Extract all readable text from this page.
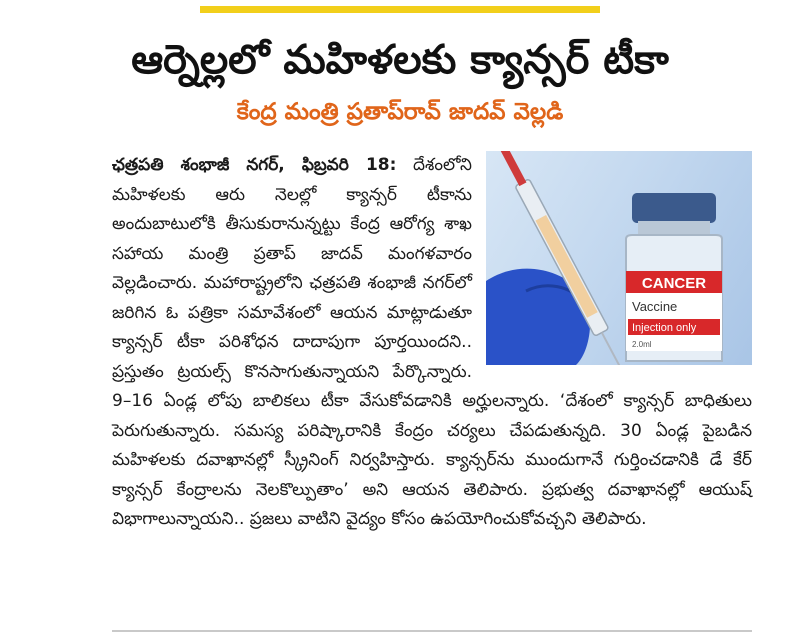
ఆర్నెల్లలో మహిళలకు క్యాన్సర్ టీకా
కేంద్ర మంత్రి ప్రతాప్‌రావ్ జాదవ్ వెల్లడి
CANCER
Vaccine
Injection only
2.0ml

ఛత్రపతి శంభాజీ నగర్, ఫిబ్రవరి 18: దేశంలోని మహిళలకు ఆరు నెలల్లో క్యాన్సర్ టీకాను అందుబాటులోకి తీసుకురానున్నట్టు కేంద్ర ఆరోగ్య శాఖ సహాయ మంత్రి ప్రతాప్ జాదవ్ మంగళవారం వెల్లడించారు. మహారాష్ట్రలోని ఛత్రపతి శంభాజీ నగర్‌లో జరిగిన ఓ పత్రికా సమావేశంలో ఆయన మాట్లాడుతూ క్యాన్సర్ టీకా పరిశోధన దాదాపుగా పూర్తయిందని.. ప్రస్తుతం ట్రయల్స్ కొనసాగుతున్నాయని పేర్కొన్నారు. 9–16 ఏండ్ల లోపు బాలికలు టీకా వేసుకోవడానికి అర్హులన్నారు. ‘దేశంలో క్యాన్సర్ బాధితులు పెరుగుతున్నారు. సమస్య పరిష్కారానికి కేంద్రం చర్యలు చేపడుతున్నది. 30 ఏండ్ల పైబడిన మహిళలకు దవాఖానల్లో స్క్రీనింగ్ నిర్వహిస్తారు. క్యాన్సర్‌ను ముందుగానే గుర్తించడానికి డే కేర్ క్యాన్సర్ కేంద్రాలను నెలకొల్పుతాం’ అని ఆయన తెలిపారు. ప్రభుత్వ దవాఖానల్లో ఆయుష్ విభాగాలున్నాయని.. ప్రజలు వాటిని వైద్యం కోసం ఉపయోగించుకోవచ్చని తెలిపారు.
